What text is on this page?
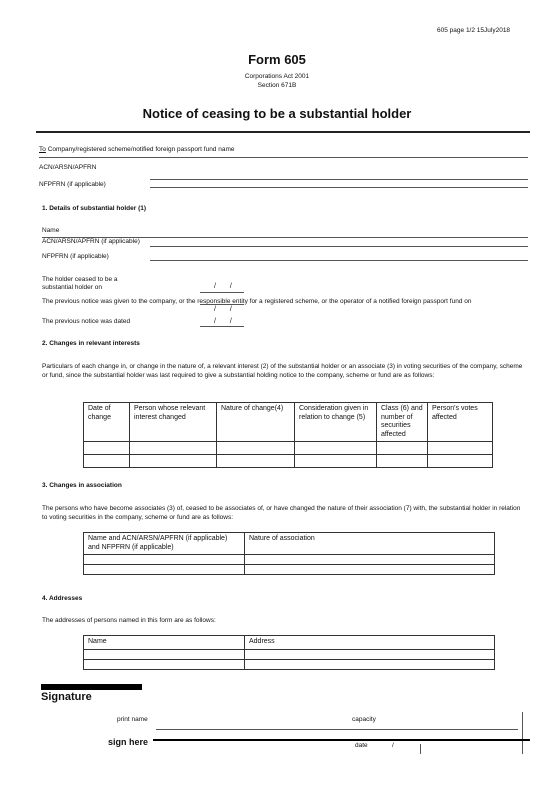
605 page 1/2 15July2018
Form 605
Corporations Act 2001
Section 671B
Notice of ceasing to be a substantial holder
To Company/registered scheme/notified foreign passport fund name
ACN/ARSN/APFRN
NFPFRN (if applicable)
1. Details of substantial holder (1)
Name
ACN/ARSN/APFRN (if applicable)
NFPFRN (if applicable)
The holder ceased to be a
substantial holder on	/ /
The previous notice was given to the company, or the responsible entity for a registered scheme, or the operator of a notified foreign passport fund on
/ /
The previous notice was dated	/ /
2. Changes in relevant interests
Particulars of each change in, or change in the nature of, a relevant interest (2) of the substantial holder or an associate (3) in voting securities of the company, scheme or fund, since the substantial holder was last required to give a substantial holding notice to the company, scheme or fund are as follows:
Date of change	Person whose relevant interest changed	Nature of change(4)	Consideration given in relation to change (5)	Class (6) and number of securities affected	Person's votes affected

3. Changes in association
The persons who have become associates (3) of, ceased to be associates of, or have changed the nature of their association (7) with, the substantial holder in relation to voting securities in the company, scheme or fund are as follows:
Name and ACN/ARSN/APFRN (if applicable) and NFPFRN (if applicable)	Nature of association

4. Addresses
The addresses of persons named in this form are as follows:
Name	Address

Signature
print name	capacity
sign here	date	/
